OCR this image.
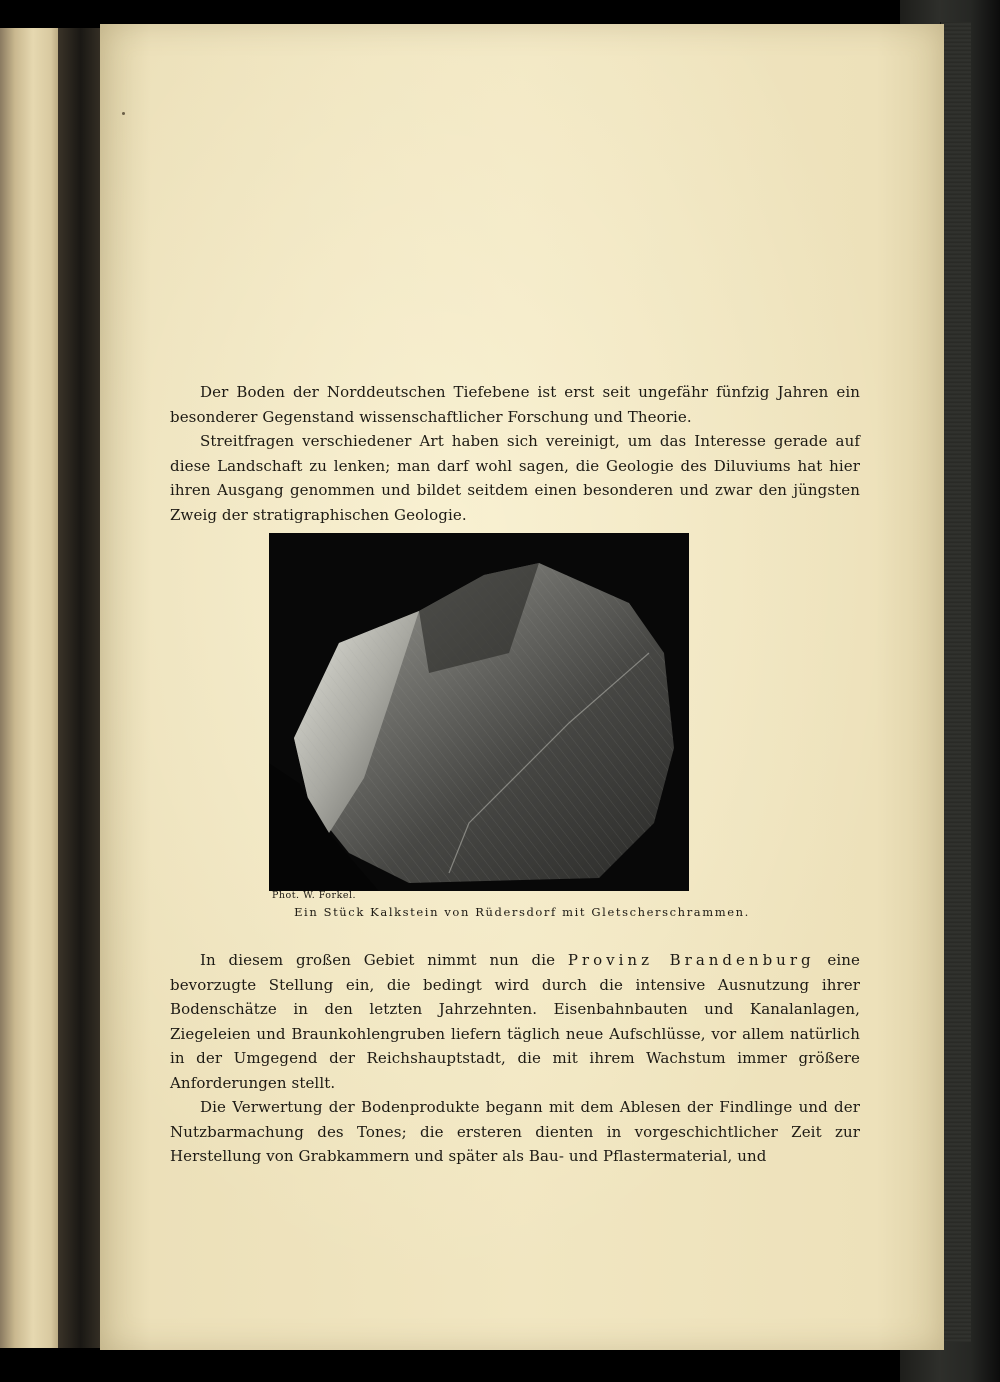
Der Boden der Norddeutschen Tiefebene ist erst seit ungefähr fünfzig Jahren ein besonderer Gegenstand wissenschaftlicher Forschung und Theorie.

Streitfragen verschiedener Art haben sich vereinigt, um das Interesse gerade auf diese Landschaft zu lenken; man darf wohl sagen, die Geologie des Diluviums hat hier ihren Ausgang genommen und bildet seitdem einen besonderen und zwar den jüngsten Zweig der stratigraphischen Geologie.

Phot. W. Forkel.
Ein Stück Kalkstein von Rüdersdorf mit Gletscherschrammen.

In diesem großen Gebiet nimmt nun die Provinz Brandenburg eine bevorzugte Stellung ein, die bedingt wird durch die intensive Ausnutzung ihrer Bodenschätze in den letzten Jahrzehnten. Eisenbahnbauten und Kanalanlagen, Ziegeleien und Braunkohlengruben liefern täglich neue Aufschlüsse, vor allem natürlich in der Umgegend der Reichshauptstadt, die mit ihrem Wachstum immer größere Anforderungen stellt.

Die Verwertung der Bodenprodukte begann mit dem Ablesen der Findlinge und der Nutzbarmachung des Tones; die ersteren dienten in vorgeschichtlicher Zeit zur Herstellung von Grabkammern und später als Bau- und Pflastermaterial, und
